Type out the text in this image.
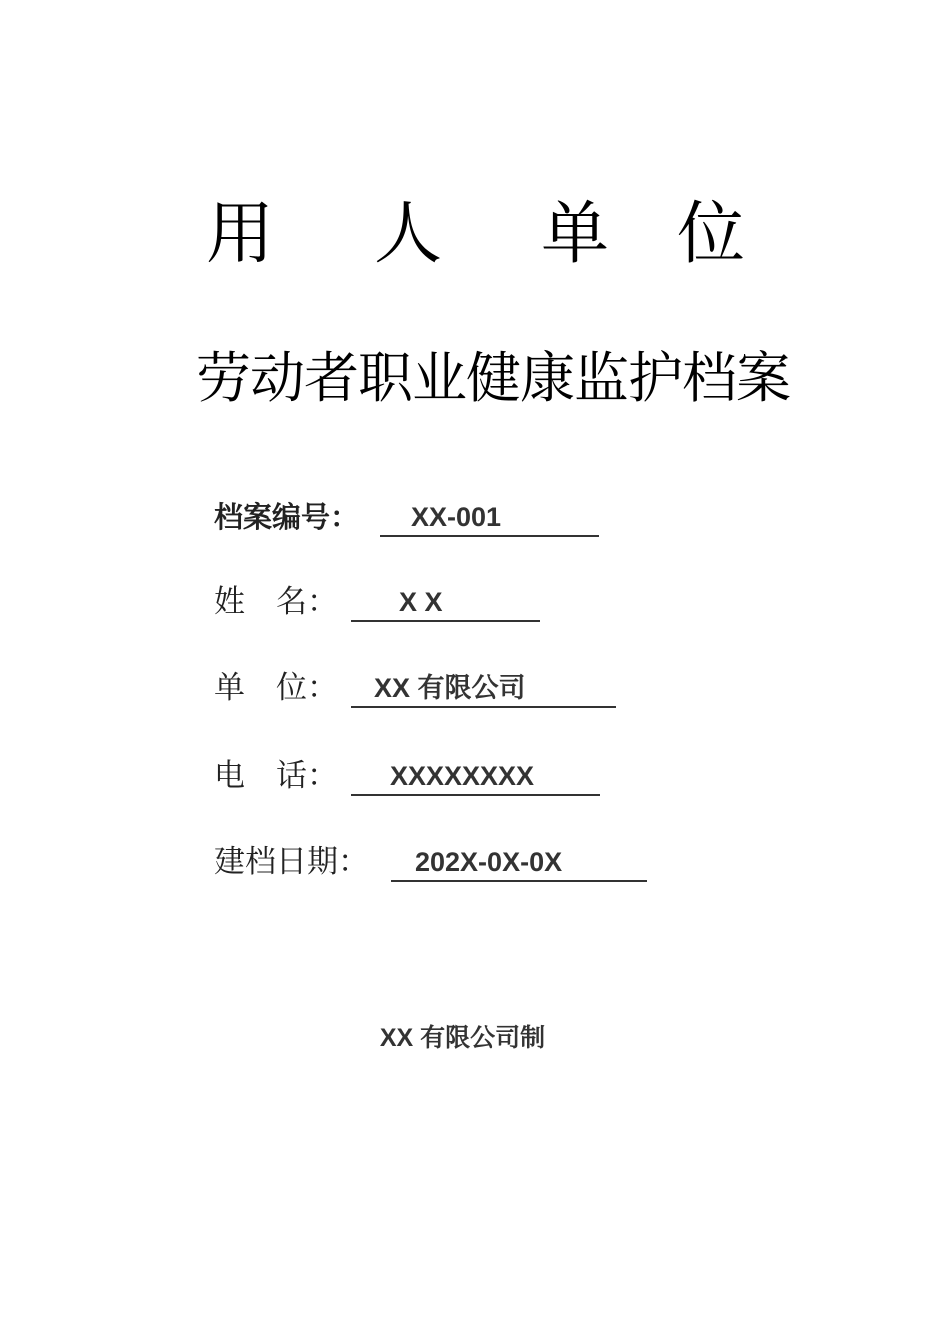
用 人 单 位
劳动者职业健康监护档案
档案编号： XX-001
姓　名： X X
单　位： XX 有限公司
电　话： XXXXXXXX
建档日期： 202X-0X-0X
XX 有限公司制
